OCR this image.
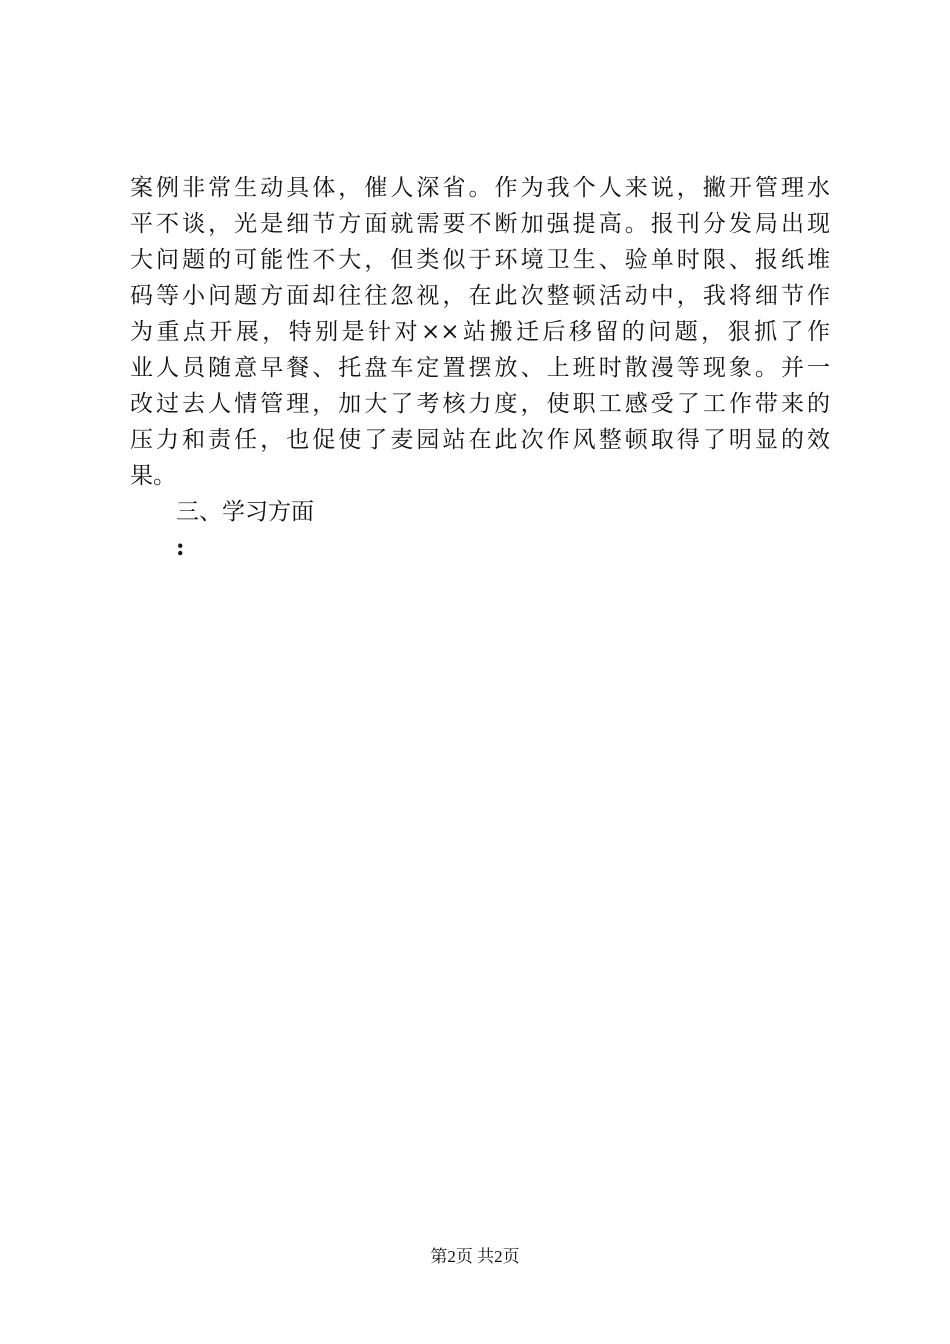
案例非常生动具体，催人深省。作为我个人来说，撇开管理水
平不谈，光是细节方面就需要不断加强提高。报刊分发局出现
大问题的可能性不大，但类似于环境卫生、验单时限、报纸堆
码等小问题方面却往往忽视，在此次整顿活动中，我将细节作
为重点开展，特别是针对××站搬迁后移留的问题，狠抓了作
业人员随意早餐、托盘车定置摆放、上班时散漫等现象。并一
改过去人情管理，加大了考核力度，使职工感受了工作带来的
压力和责任，也促使了麦园站在此次作风整顿取得了明显的效
果。
三、学习方面
:
第2页 共2页
